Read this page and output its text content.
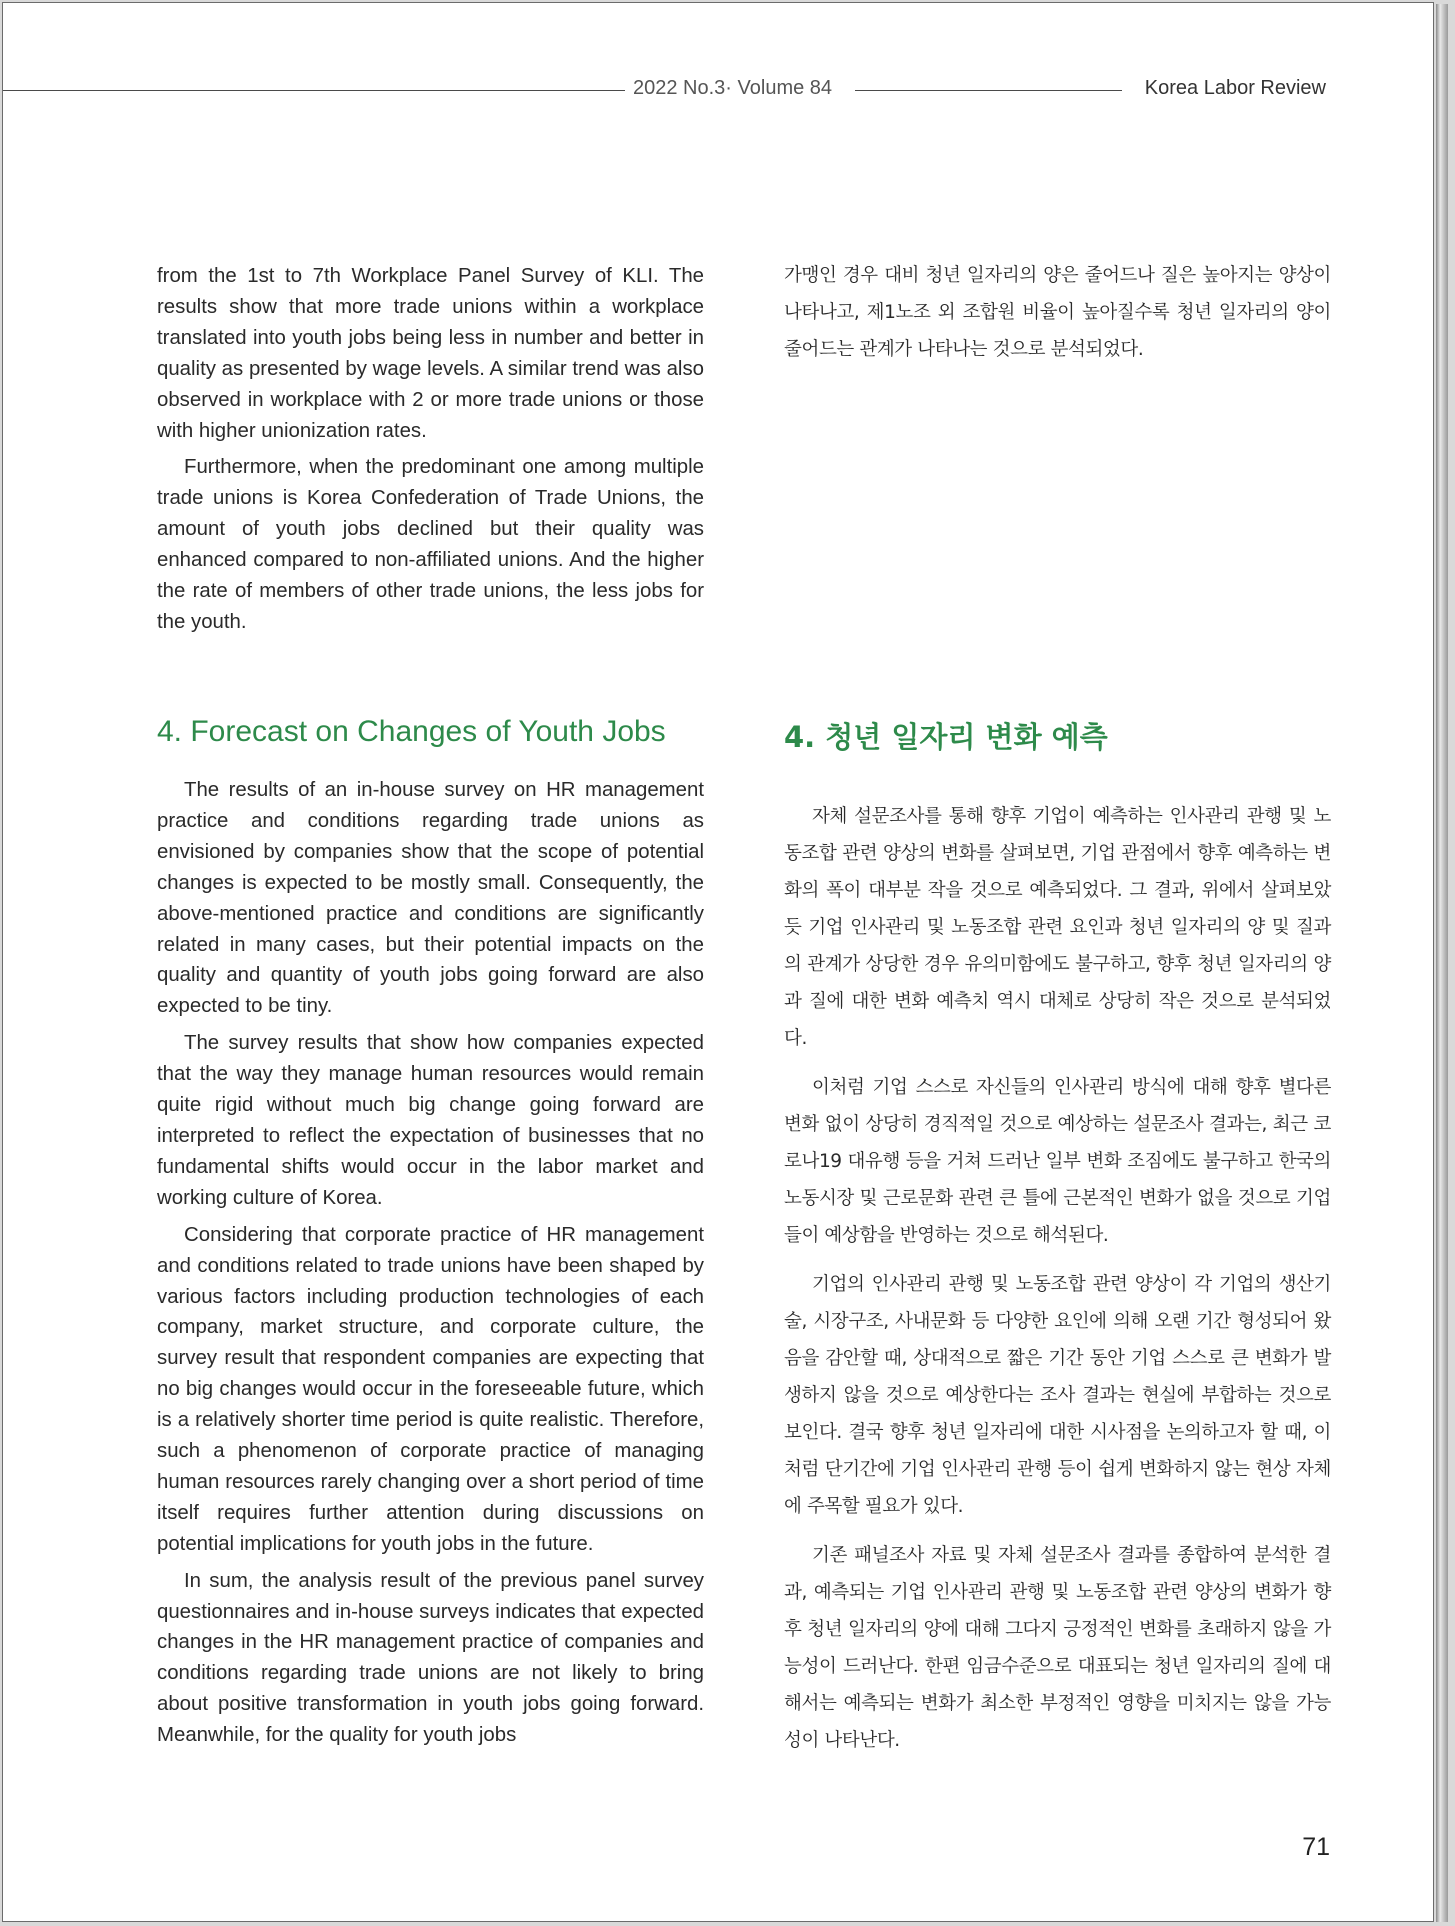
2022 No.3· Volume 84	Korea Labor Review

from the 1st to 7th Workplace Panel Survey of KLI. The results show that more trade unions within a workplace translated into youth jobs being less in number and better in quality as presented by wage levels. A similar trend was also observed in workplace with 2 or more trade unions or those with higher unionization rates.

Furthermore, when the predominant one among multiple trade unions is Korea Confederation of Trade Unions, the amount of youth jobs declined but their quality was enhanced compared to non-affiliated unions. And the higher the rate of members of other trade unions, the less jobs for the youth.

가맹인 경우 대비 청년 일자리의 양은 줄어드나 질은 높아지는 양상이 나타나고, 제1노조 외 조합원 비율이 높아질수록 청년 일자리의 양이 줄어드는 관계가 나타나는 것으로 분석되었다.

4. Forecast on Changes of Youth Jobs	4. 청년 일자리 변화 예측

The results of an in-house survey on HR management practice and conditions regarding trade unions as envisioned by companies show that the scope of potential changes is expected to be mostly small. Consequently, the above-mentioned practice and conditions are significantly related in many cases, but their potential impacts on the quality and quantity of youth jobs going forward are also expected to be tiny.

The survey results that show how companies expected that the way they manage human resources would remain quite rigid without much big change going forward are interpreted to reflect the expectation of businesses that no fundamental shifts would occur in the labor market and working culture of Korea.

Considering that corporate practice of HR management and conditions related to trade unions have been shaped by various factors including production technologies of each company, market structure, and corporate culture, the survey result that respondent companies are expecting that no big changes would occur in the foreseeable future, which is a relatively shorter time period is quite realistic. Therefore, such a phenomenon of corporate practice of managing human resources rarely changing over a short period of time itself requires further attention during discussions on potential implications for youth jobs in the future.

In sum, the analysis result of the previous panel survey questionnaires and in-house surveys indicates that expected changes in the HR management practice of companies and conditions regarding trade unions are not likely to bring about positive transformation in youth jobs going forward. Meanwhile, for the quality for youth jobs

자체 설문조사를 통해 향후 기업이 예측하는 인사관리 관행 및 노동조합 관련 양상의 변화를 살펴보면, 기업 관점에서 향후 예측하는 변화의 폭이 대부분 작을 것으로 예측되었다. 그 결과, 위에서 살펴보았듯 기업 인사관리 및 노동조합 관련 요인과 청년 일자리의 양 및 질과의 관계가 상당한 경우 유의미함에도 불구하고, 향후 청년 일자리의 양과 질에 대한 변화 예측치 역시 대체로 상당히 작은 것으로 분석되었다.

이처럼 기업 스스로 자신들의 인사관리 방식에 대해 향후 별다른 변화 없이 상당히 경직적일 것으로 예상하는 설문조사 결과는, 최근 코로나19 대유행 등을 거쳐 드러난 일부 변화 조짐에도 불구하고 한국의 노동시장 및 근로문화 관련 큰 틀에 근본적인 변화가 없을 것으로 기업들이 예상함을 반영하는 것으로 해석된다.

기업의 인사관리 관행 및 노동조합 관련 양상이 각 기업의 생산기술, 시장구조, 사내문화 등 다양한 요인에 의해 오랜 기간 형성되어 왔음을 감안할 때, 상대적으로 짧은 기간 동안 기업 스스로 큰 변화가 발생하지 않을 것으로 예상한다는 조사 결과는 현실에 부합하는 것으로 보인다. 결국 향후 청년 일자리에 대한 시사점을 논의하고자 할 때, 이처럼 단기간에 기업 인사관리 관행 등이 쉽게 변화하지 않는 현상 자체에 주목할 필요가 있다.

기존 패널조사 자료 및 자체 설문조사 결과를 종합하여 분석한 결과, 예측되는 기업 인사관리 관행 및 노동조합 관련 양상의 변화가 향후 청년 일자리의 양에 대해 그다지 긍정적인 변화를 초래하지 않을 가능성이 드러난다. 한편 임금수준으로 대표되는 청년 일자리의 질에 대해서는 예측되는 변화가 최소한 부정적인 영향을 미치지는 않을 가능성이 나타난다.

71
